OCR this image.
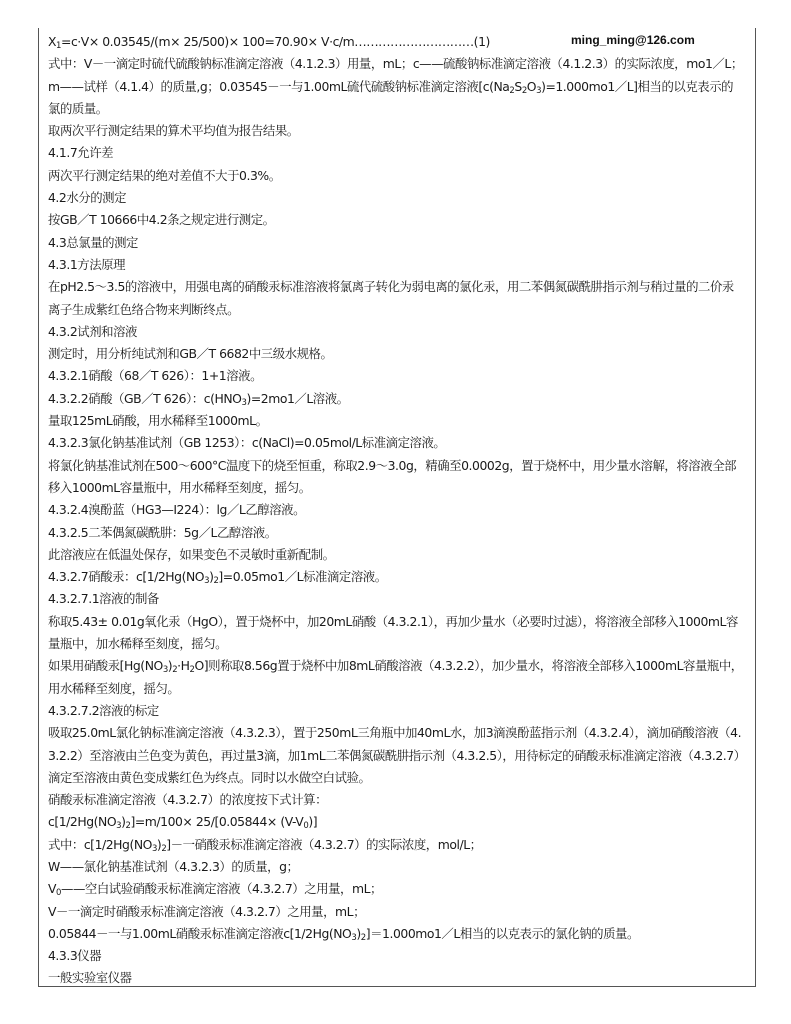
ming_ming@126.com

$X_1=c\cdot V\times 0.03545/(m\times 25/500)\times 100=70.90\times$ V·c/m…………………………(1)

式中：V－一滴定时硫代硫酸钠标准滴定溶液（4.1.2.3）用量，mL；c——硫酸钠标准滴定溶液（4.1.2.3）的实际浓度，mo1／L；m——试样（4.1.4）的质量,g；0.03545－一与1.00mL硫代硫酸钠标准滴定溶液$[c(Na_2S_2O_3)=1.000mo1/L]$相当的以克表示的氯的质量。

取两次平行测定结果的算术平均值为报告结果。

4.1.7允许差

两次平行测定结果的绝对差值不大于0.3%。

4.2水分的测定

按GB／T 10666中4.2条之规定进行测定。

4.3总氯量的测定

4.3.1方法原理

在pH2.5～3.5的溶液中，用强电离的硝酸汞标准溶液将氯离子转化为弱电离的氯化汞，用二苯偶氮碳酰肼指示剂与稍过量的二价汞离子生成紫红色络合物来判断终点。

4.3.2试剂和溶液

测定时，用分析纯试剂和GB／T 6682中三级水规格。

4.3.2.1硝酸（68／T 626）：1+1溶液。

4.3.2.2硝酸（GB／T 626）：$c(HNO_3)=2mo1/L$溶液。

量取125mL硝酸，用水稀释至1000mL。

4.3.2.3氯化钠基准试剂（GB 1253）：c(NaCl)=0.05mol/L标准滴定溶液。

将氯化钠基准试剂在500～600°C温度下的烧至恒重，称取2.9～3.0g，精确至0.0002g，置于烧杯中，用少量水溶解，将溶液全部移入1000mL容量瓶中，用水稀释至刻度，摇匀。

4.3.2.4溴酚蓝（HG3—I224）：lg／L乙醇溶液。

4.3.2.5二苯偶氮碳酰肼：5g／L乙醇溶液。

此溶液应在低温处保存，如果变色不灵敏时重新配制。

4.3.2.7硝酸汞：$c[1/2Hg(NO_3)_2]=0.05mo1/L$标准滴定溶液。

4.3.2.7.1溶液的制备

称取5.43± 0.01g氧化汞（HgO），置于烧杯中，加20mL硝酸（4.3.2.1），再加少量水（必要时过滤），将溶液全部移入1000mL容量瓶中，加水稀释至刻度，摇匀。

如果用硝酸汞$[Hg(NO_3)_2\cdot H_2O]$则称取8.56g置于烧杯中加8mL硝酸溶液（4.3.2.2），加少量水，将溶液全部移入1000mL容量瓶中，用水稀释至刻度，摇匀。

4.3.2.7.2溶液的标定

吸取25.0mL氯化钠标准滴定溶液（4.3.2.3），置于250mL三角瓶中加40mL水，加3滴溴酚蓝指示剂（4.3.2.4），滴加硝酸溶液（4.3.2.2）至溶液由兰色变为黄色，再过量3滴，加1mL二苯偶氮碳酰肼指示剂（4.3.2.5），用待标定的硝酸汞标准滴定溶液（4.3.2.7）滴定至溶液由黄色变成紫红色为终点。同时以水做空白试验。

硝酸汞标准滴定溶液（4.3.2.7）的浓度按下式计算：

$c[1/2Hg(NO_3)_2]=m/100\times 25/[0.05844\times (V-V_0)]$

式中：$c[1/2Hg(NO_3)_2]-$一硝酸汞标准滴定溶液（4.3.2.7）的实际浓度，mol/L；

W——氯化钠基准试剂（4.3.2.3）的质量，g；

$V_0——$空白试验硝酸汞标准滴定溶液（4.3.2.7）之用量，mL；

V－一滴定时硝酸汞标准滴定溶液（4.3.2.7）之用量，mL；

0.05844－一与1.00mL硝酸汞标准滴定溶液$c[1/2Hg(NO_3)_2]=1.000mo1/L$相当的以克表示的氯化钠的质量。

4.3.3仪器

一般实验室仪器
